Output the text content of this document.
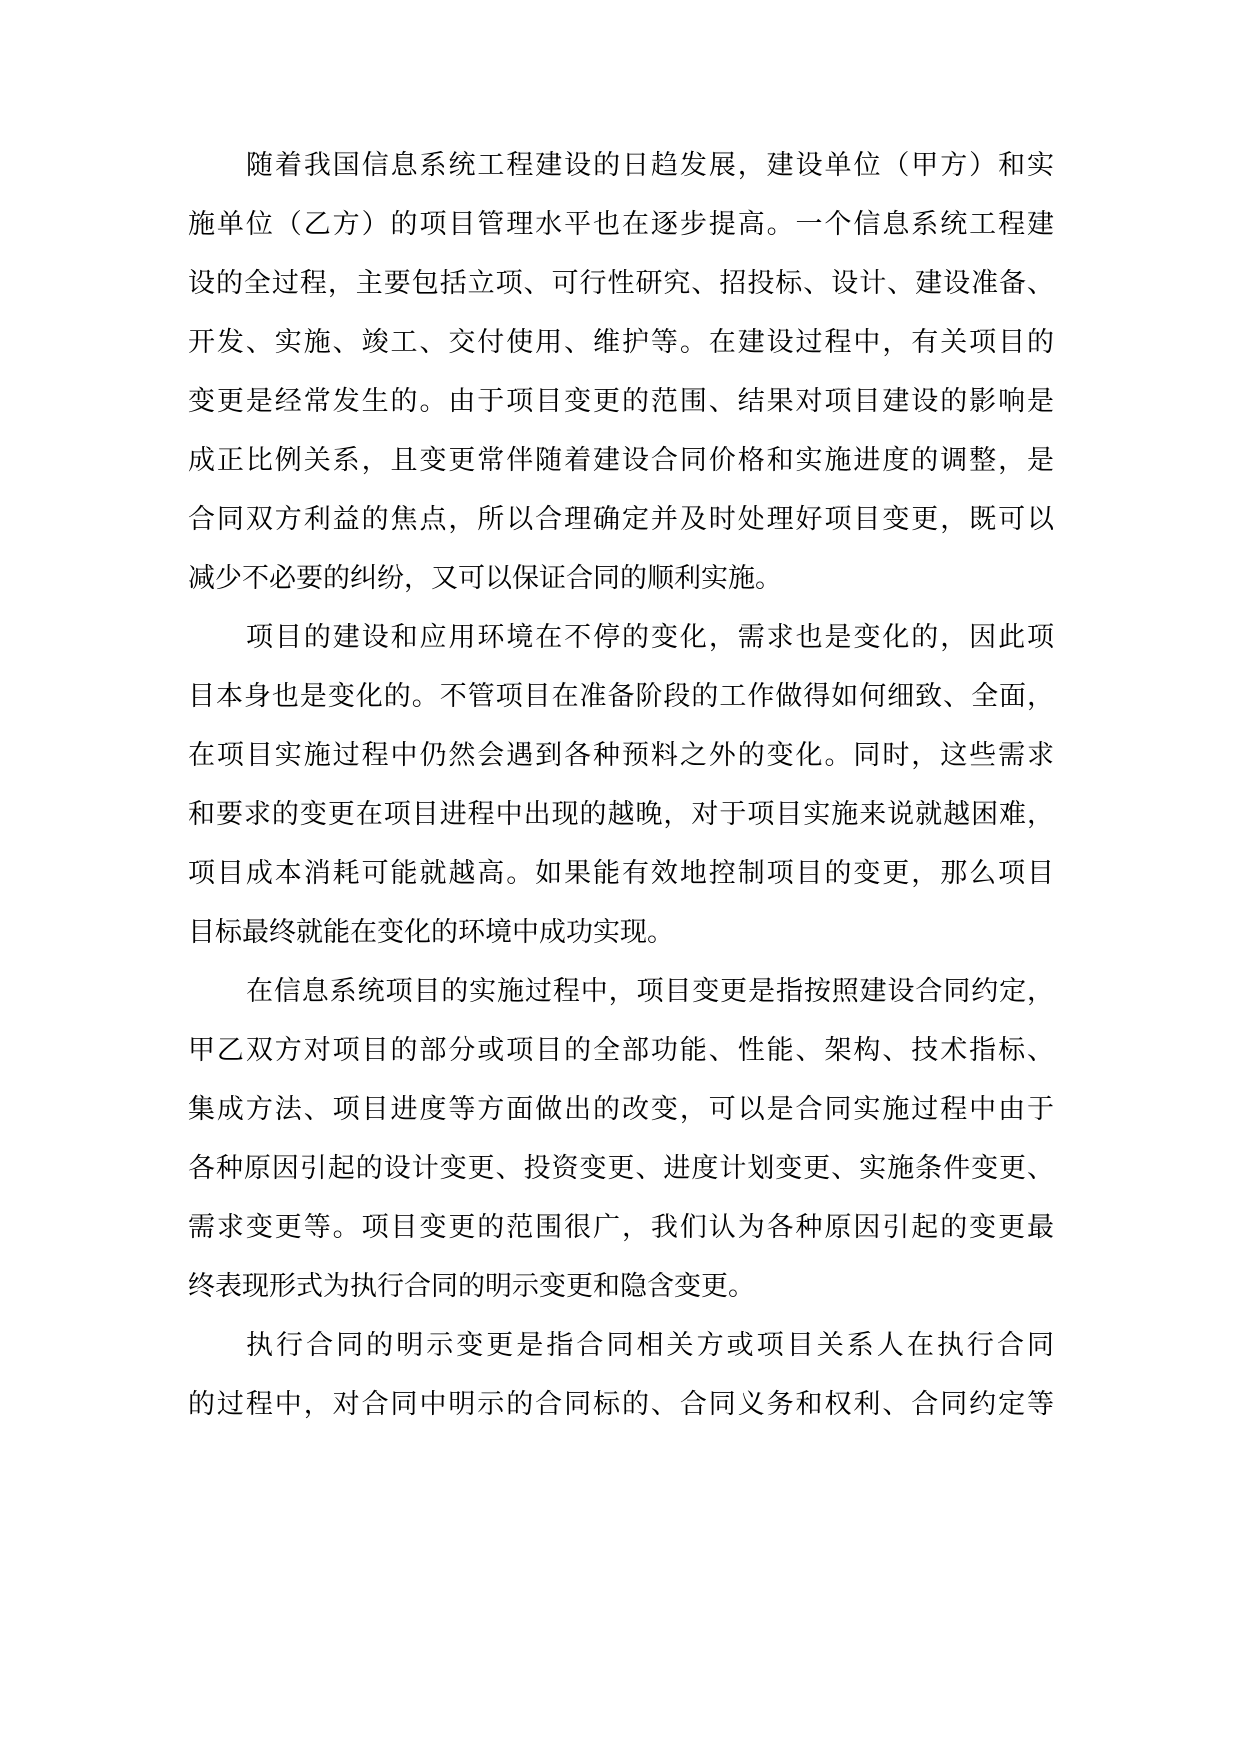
随着我国信息系统工程建设的日趋发展，建设单位（甲方）和实
施单位（乙方）的项目管理水平也在逐步提高。一个信息系统工程建
设的全过程，主要包括立项、可行性研究、招投标、设计、建设准备、
开发、实施、竣工、交付使用、维护等。在建设过程中，有关项目的
变更是经常发生的。由于项目变更的范围、结果对项目建设的影响是
成正比例关系，且变更常伴随着建设合同价格和实施进度的调整，是
合同双方利益的焦点，所以合理确定并及时处理好项目变更，既可以
减少不必要的纠纷，又可以保证合同的顺利实施。
项目的建设和应用环境在不停的变化，需求也是变化的，因此项
目本身也是变化的。不管项目在准备阶段的工作做得如何细致、全面，
在项目实施过程中仍然会遇到各种预料之外的变化。同时，这些需求
和要求的变更在项目进程中出现的越晚，对于项目实施来说就越困难，
项目成本消耗可能就越高。如果能有效地控制项目的变更，那么项目
目标最终就能在变化的环境中成功实现。
在信息系统项目的实施过程中，项目变更是指按照建设合同约定，
甲乙双方对项目的部分或项目的全部功能、性能、架构、技术指标、
集成方法、项目进度等方面做出的改变，可以是合同实施过程中由于
各种原因引起的设计变更、投资变更、进度计划变更、实施条件变更、
需求变更等。项目变更的范围很广，我们认为各种原因引起的变更最
终表现形式为执行合同的明示变更和隐含变更。
执行合同的明示变更是指合同相关方或项目关系人在执行合同
的过程中，对合同中明示的合同标的、合同义务和权利、合同约定等
